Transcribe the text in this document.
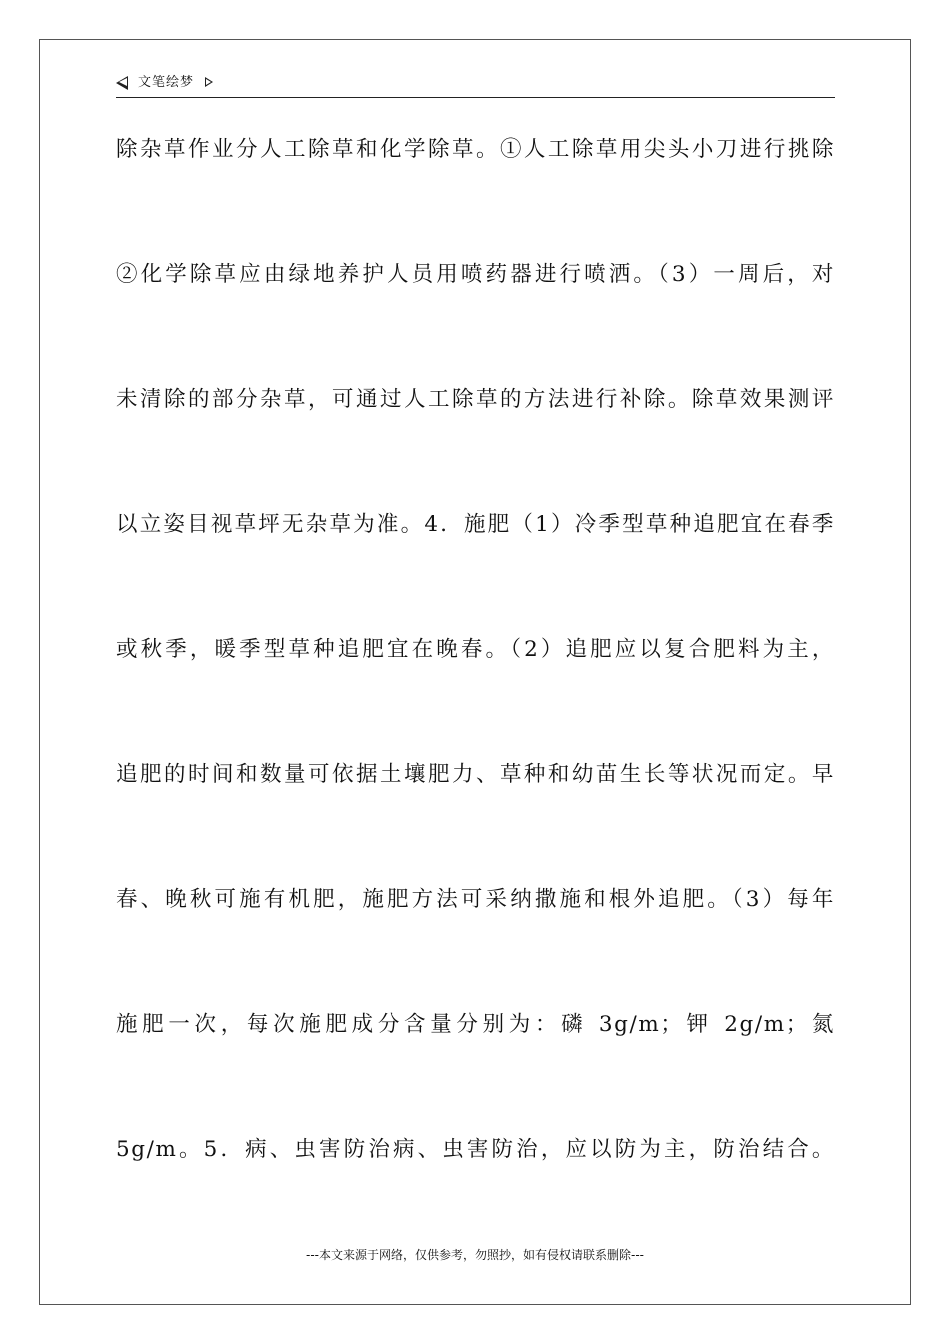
文笔绘梦
除杂草作业分人工除草和化学除草。①人工除草用尖头小刀进行挑除
②化学除草应由绿地养护人员用喷药器进行喷洒。（3）一周后，对
未清除的部分杂草，可通过人工除草的方法进行补除。除草效果测评
以立姿目视草坪无杂草为准。4．施肥（1）冷季型草种追肥宜在春季
或秋季，暖季型草种追肥宜在晚春。（2）追肥应以复合肥料为主，
追肥的时间和数量可依据土壤肥力、草种和幼苗生长等状况而定。早
春、晚秋可施有机肥，施肥方法可采纳撒施和根外追肥。（3）每年
施肥一次，每次施肥成分含量分别为：磷 3g/m；钾 2g/m；氮
5g/m。5．病、虫害防治病、虫害防治，应以防为主，防治结合。
---本文来源于网络，仅供参考，勿照抄，如有侵权请联系删除---
